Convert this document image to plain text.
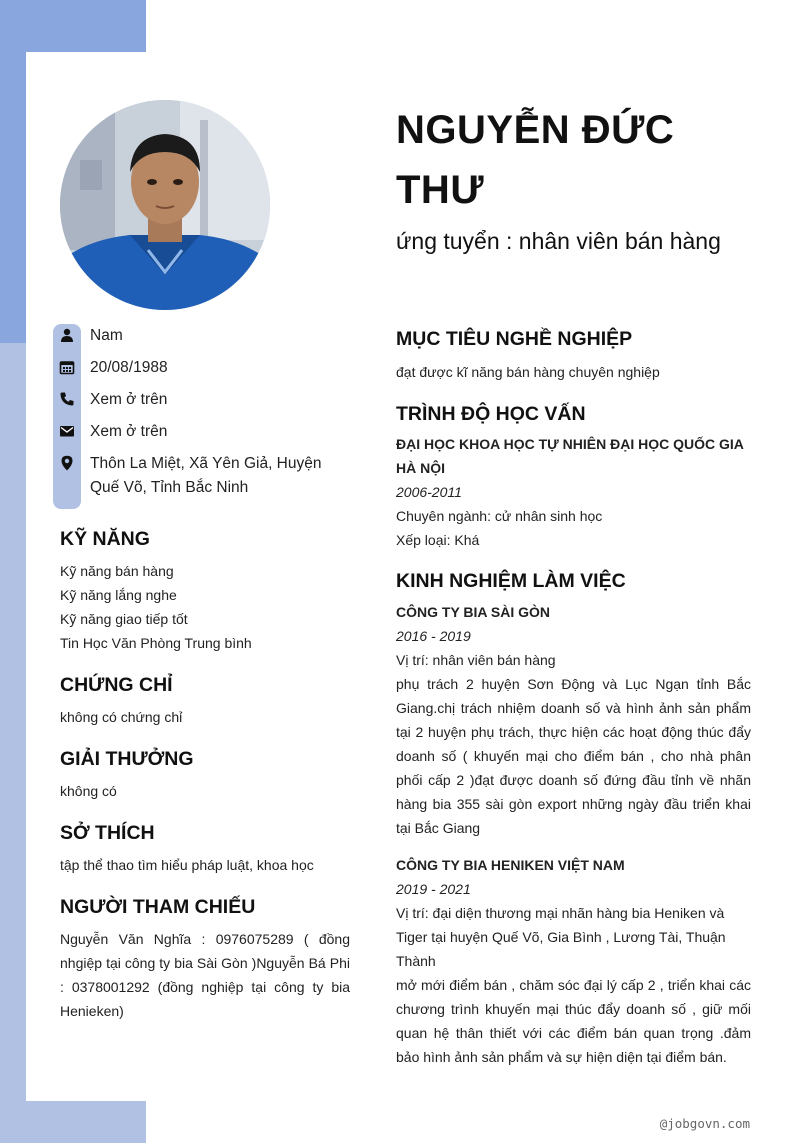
Nam
20/08/1988
Xem ở trên
Xem ở trên
Thôn La Miệt, Xã Yên Giả, Huyện Quế Võ, Tỉnh Bắc Ninh
KỸ NĂNG
Kỹ năng bán hàng
Kỹ năng lắng nghe
Kỹ năng giao tiếp tốt
Tin Học Văn Phòng Trung bình
CHỨNG CHỈ
không có chứng chỉ
GIẢI THƯỞNG
không có
SỞ THÍCH
tập thể thao tìm hiểu pháp luật, khoa học
NGƯỜI THAM CHIẾU
Nguyễn Văn Nghĩa : 0976075289 ( đồng nhgiệp tại công ty bia Sài Gòn )Nguyễn Bá Phi : 0378001292 (đồng nghiệp tại công ty bia Henieken)
NGUYỄN ĐỨC THƯ
ứng tuyển : nhân viên bán hàng
MỤC TIÊU NGHỀ NGHIỆP
đạt được kĩ năng bán hàng chuyên nghiệp
TRÌNH ĐỘ HỌC VẤN
ĐẠI HỌC KHOA HỌC TỰ NHIÊN ĐẠI HỌC QUỐC GIA HÀ NỘI
2006-2011
Chuyên ngành: cử nhân sinh học
Xếp loại: Khá
KINH NGHIỆM LÀM VIỆC
CÔNG TY BIA SÀI GÒN
2016 - 2019
Vị trí: nhân viên bán hàng
phụ trách 2 huyện Sơn Động và Lục Ngạn tỉnh Bắc Giang.chị trách nhiệm doanh số và hình ảnh sản phẩm tại 2 huyện phụ trách, thực hiện các hoạt động thúc đẩy doanh số ( khuyến mại cho điểm bán , cho nhà phân phối cấp 2 )đạt được doanh số đứng đầu tỉnh về nhãn hàng bia 355 sài gòn export những ngày đầu triển khai tại Bắc Giang
CÔNG TY BIA HENIKEN VIỆT NAM
2019 - 2021
Vị trí: đại diện thương mại nhãn hàng bia Heniken và Tiger tại huyện Quế Võ, Gia Bình , Lương Tài, Thuận Thành
mở mới điểm bán , chăm sóc đại lý cấp 2 , triển khai các chương trình khuyến mại thúc đẩy doanh số , giữ mối quan hệ thân thiết với các điểm bán quan trọng .đảm bảo hình ảnh sản phẩm và sự hiện diện tại điểm bán.
@jobgovn.com
